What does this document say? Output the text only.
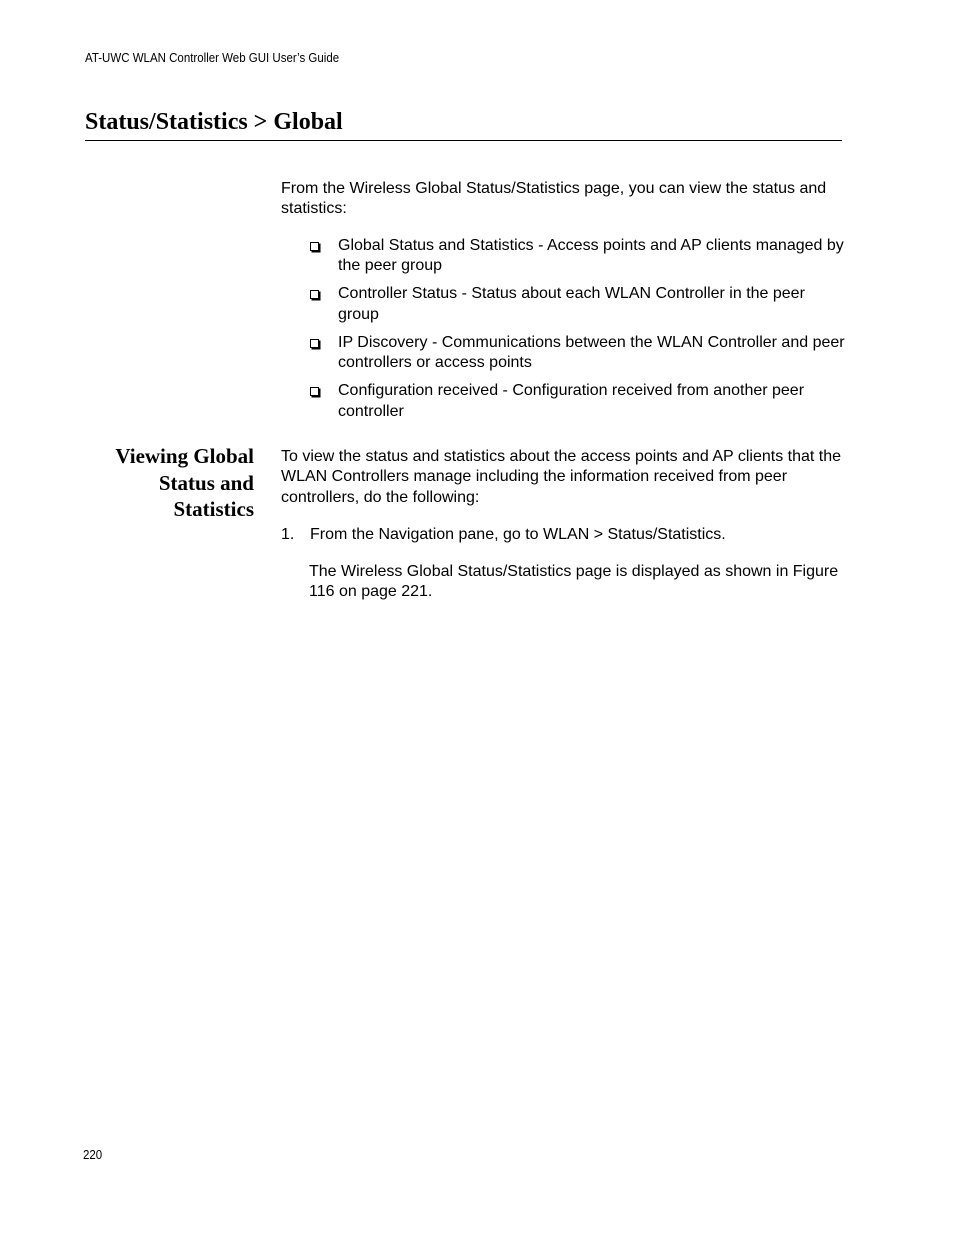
AT-UWC WLAN Controller Web GUI User’s Guide
Status/Statistics > Global

From the Wireless Global Status/Statistics page, you can view the status and statistics:

Global Status and Statistics - Access points and AP clients managed by the peer group
Controller Status - Status about each WLAN Controller in the peer group
IP Discovery - Communications between the WLAN Controller and peer controllers or access points
Configuration received - Configuration received from another peer controller
Viewing Global
Status and
Statistics

To view the status and statistics about the access points and AP clients that the WLAN Controllers manage including the information received from peer controllers, do the following:

1. From the Navigation pane, go to WLAN > Status/Statistics.

The Wireless Global Status/Statistics page is displayed as shown in Figure 116 on page 221.

220
